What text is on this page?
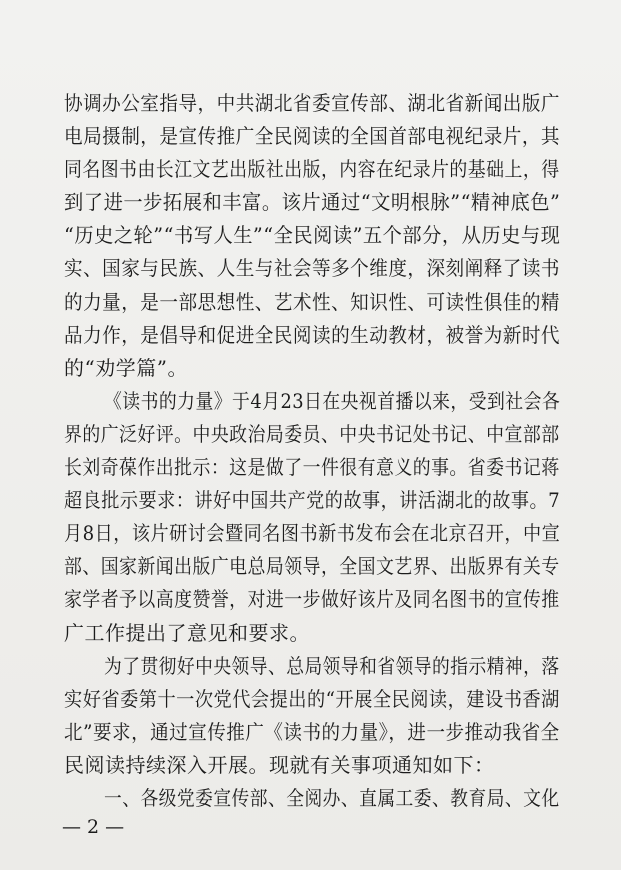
协调办公室指导，中共湖北省委宣传部、湖北省新闻出版广
电局摄制，是宣传推广全民阅读的全国首部电视纪录片，其
同名图书由长江文艺出版社出版，内容在纪录片的基础上，得
到了进一步拓展和丰富。该片通过“文明根脉”“精神底色”
“历史之轮”“书写人生”“全民阅读”五个部分，从历史与现
实、国家与民族、人生与社会等多个维度，深刻阐释了读书
的力量，是一部思想性、艺术性、知识性、可读性俱佳的精
品力作，是倡导和促进全民阅读的生动教材，被誉为新时代
的“劝学篇”。
《读书的力量》于4月23日在央视首播以来，受到社会各
界的广泛好评。中央政治局委员、中央书记处书记、中宣部部
长刘奇葆作出批示：这是做了一件很有意义的事。省委书记蒋
超良批示要求：讲好中国共产党的故事，讲活湖北的故事。7
月8日，该片研讨会暨同名图书新书发布会在北京召开，中宣
部、国家新闻出版广电总局领导，全国文艺界、出版界有关专
家学者予以高度赞誉，对进一步做好该片及同名图书的宣传推
广工作提出了意见和要求。
为了贯彻好中央领导、总局领导和省领导的指示精神，落
实好省委第十一次党代会提出的“开展全民阅读，建设书香湖
北”要求，通过宣传推广《读书的力量》，进一步推动我省全
民阅读持续深入开展。现就有关事项通知如下：
一、各级党委宣传部、全阅办、直属工委、教育局、文化
— 2 —
